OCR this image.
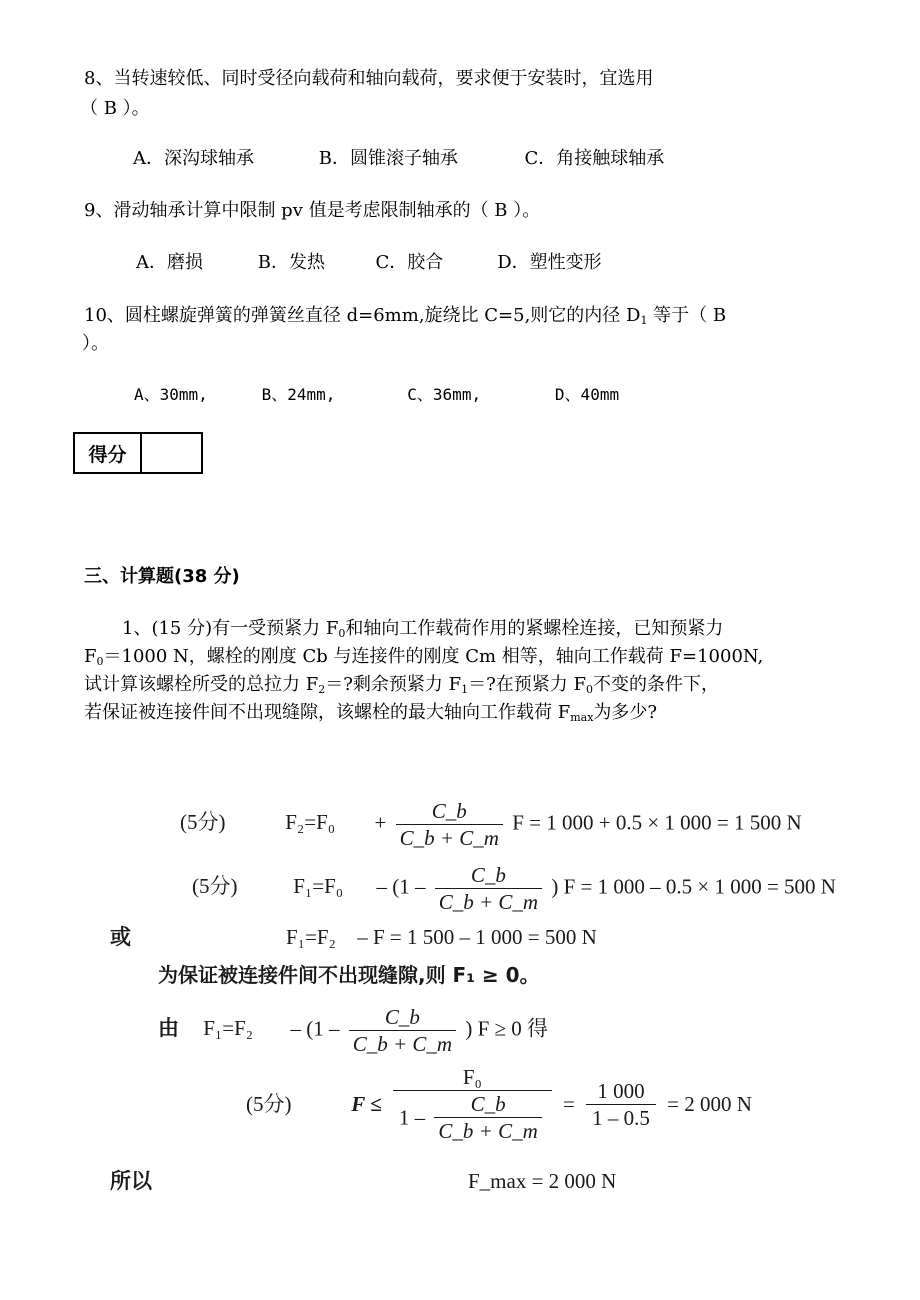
8、当转速较低、同时受径向载荷和轴向载荷，要求便于安装时，宜选用
（ B ）。
A．深沟球轴承	B．圆锥滚子轴承	C．角接触球轴承
9、滑动轴承计算中限制 pv 值是考虑限制轴承的（ B ）。
A．磨损	B．发热	C．胶合	D．塑性变形
10、圆柱螺旋弹簧的弹簧丝直径 d=6mm,旋绕比 C=5,则它的内径 $D_1$ 等于（ B
）。
A、30mm,	B、24mm,	C、36mm,	D、40mm
得分
三、计算题(38 分)
1、(15 分)有一受预紧力 $F_0$和轴向工作载荷作用的紧螺栓连接，已知预紧力
$F_0=1000$ N，螺栓的刚度 Cb 与连接件的刚度 Cm 相等，轴向工作载荷 F=1000N,
试计算该螺栓所受的总拉力 $F_2=$?剩余预紧力 $F_1=$?在预紧力 $F_0$不变的条件下，
若保证被连接件间不出现缝隙，该螺栓的最大轴向工作载荷 $F_{max}$为多少?
(5分)	$F_2=F_0 + \frac{C\_b}{C\_b + C\_m}$ F = 1 000 + 0.5 × 1 000 = 1 500 N
(5分)	$F_1=F_0 - (1 - \frac{C\_b}{C\_b + C\_m}$ ) F = 1 000 – 0.5 × 1 000 = 500 N
或	F₁=F₂ – F = 1 500 – 1 000 = 500 N
为保证被连接件间不出现缝隙,则 F₁ ≥ 0。
由 $F_1=F_2 - (1 - \frac{C\_b}{C\_b + C\_m}$ ) F ≥ 0 得
(5分)	$F \le \frac{\text{F₀}}{1 - \frac{C\_b}{C\_b + C\_m}} = \frac{1 000}{1 - 0.5} = 2$ 000 N
所以	F_max = 2 000 N
